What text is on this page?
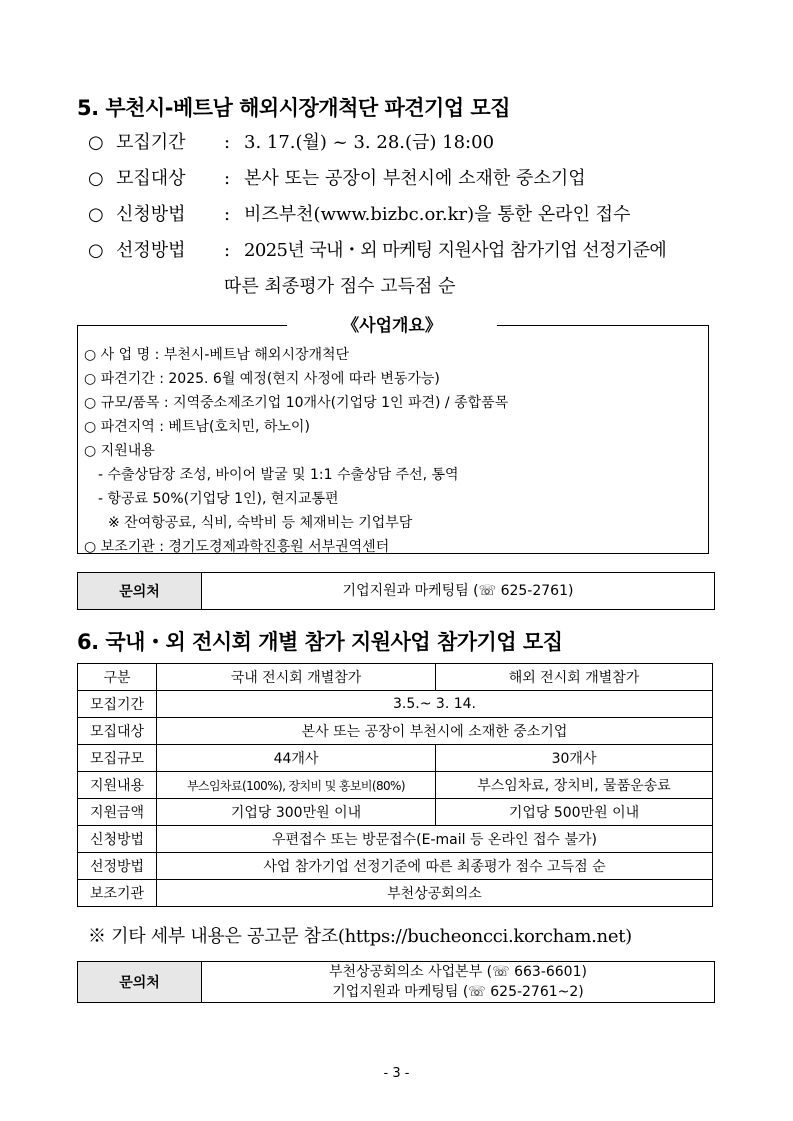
5. 부천시-베트남 해외시장개척단 파견기업 모집
○ 모집기간 : 3. 17.(월) ~ 3. 28.(금) 18:00
○ 모집대상 : 본사 또는 공장이 부천시에 소재한 중소기업
○ 신청방법 : 비즈부천(www.bizbc.or.kr)을 통한 온라인 접수
○ 선정방법 : 2025년 국내・외 마케팅 지원사업 참가기업 선정기준에
따른 최종평가 점수 고득점 순
《사업개요》
○ 사 업 명 : 부천시-베트남 해외시장개척단
○ 파견기간 : 2025. 6월 예정(현지 사정에 따라 변동가능)
○ 규모/품목 : 지역중소제조기업 10개사(기업당 1인 파견) / 종합품목
○ 파견지역 : 베트남(호치민, 하노이)
○ 지원내용
- 수출상담장 조성, 바이어 발굴 및 1:1 수출상담 주선, 통역
- 항공료 50%(기업당 1인), 현지교통편
※ 잔여항공료, 식비, 숙박비 등 체재비는 기업부담
○ 보조기관 : 경기도경제과학진흥원 서부권역센터
문의처	기업지원과 마케팅팀 (☏ 625-2761)
6. 국내・외 전시회 개별 참가 지원사업 참가기업 모집
구분	국내 전시회 개별참가	해외 전시회 개별참가
모집기간	3.5.~ 3. 14.	
모집대상	본사 또는 공장이 부천시에 소재한 중소기업	
모집규모	44개사	30개사
지원내용	부스임차료(100%), 장치비 및 홍보비(80%)	부스임차료, 장치비, 물품운송료
지원금액	기업당 300만원 이내	기업당 500만원 이내
신청방법	우편접수 또는 방문접수(E-mail 등 온라인 접수 불가)	
선정방법	사업 참가기업 선정기준에 따른 최종평가 점수 고득점 순	
보조기관	부천상공회의소	
※ 기타 세부 내용은 공고문 참조(https://bucheoncci.korcham.net)
문의처
부천상공회의소 사업본부 (☏ 663-6601)
기업지원과 마케팅팀 (☏ 625-2761~2)
- 3 -
